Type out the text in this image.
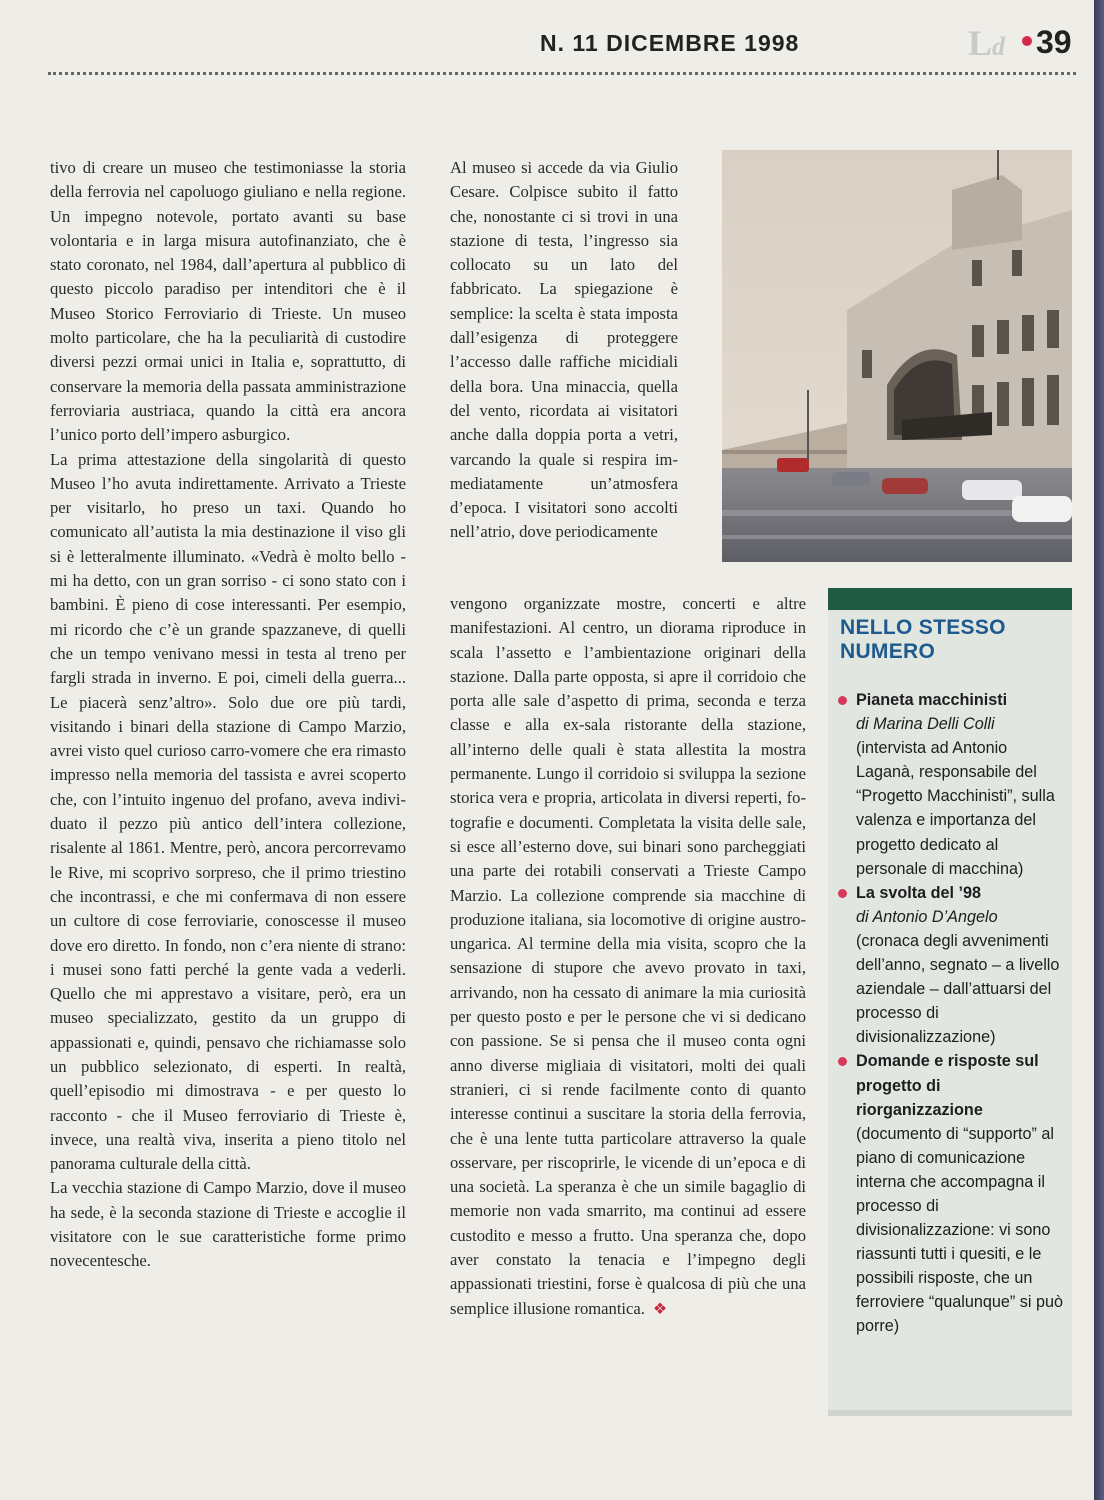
N. 11 DICEMBRE 1998	Ld 39

tivo di creare un museo che testimoniasse la storia della ferrovia nel capoluogo giuliano e nella regione. Un impegno notevole, portato avanti su base volontaria e in larga misura autofinanziato, che è stato coronato, nel 1984, dall’apertura al pubblico di questo piccolo paradiso per intenditori che è il Museo Storico Ferroviario di Trieste. Un museo molto particolare, che ha la peculiarità di custodire diversi pezzi ormai unici in Italia e, soprattutto, di conservare la memoria della passata amministrazione ferroviaria austriaca, quando la città era ancora l’unico porto dell’impero asburgico.

La prima attestazione della singolarità di questo Museo l’ho avuta indirettamente. Arrivato a Trieste per visitarlo, ho preso un taxi. Quando ho comunicato all’autista la mia destinazione il viso gli si è letteralmente illuminato. «Vedrà è molto bello - mi ha detto, con un gran sorriso - ci sono stato con i bambini. È pieno di cose interessanti. Per esempio, mi ricordo che c’è un grande spazzaneve, di quelli che un tempo venivano messi in testa al treno per fargli strada in inverno. E poi, cimeli della guerra... Le piacerà senz’altro». Solo due ore più tardi, visitando i binari della stazione di Campo Marzio, avrei visto quel curioso carro-vomere che era rimasto impresso nella memoria del tassista e avrei scoperto che, con l’intuito ingenuo del profano, aveva individuato il pezzo più antico dell’intera collezione, risalente al 1861. Mentre, però, ancora percorrevamo le Rive, mi scoprivo sorpreso, che il primo triestino che incontrassi, e che mi confermava di non essere un cultore di cose ferroviarie, conoscesse il museo dove ero diretto. In fondo, non c’era niente di strano: i musei sono fatti perché la gente vada a vederli. Quello che mi apprestavo a visitare, però, era un museo specializzato, gestito da un gruppo di appassionati e, quindi, pensavo che richiamasse solo un pubblico selezionato, di esperti. In realtà, quell’episodio mi dimostrava - e per questo lo racconto - che il Museo ferroviario di Trieste è, invece, una realtà viva, inserita a pieno titolo nel panorama culturale della città.

La vecchia stazione di Campo Marzio, dove il museo ha sede, è la seconda stazione di Trieste e accoglie il visitatore con le sue caratteristiche forme primo novecentesche.

Al museo si accede da via Giulio Cesare. Colpisce subito il fatto che, nonostante ci si trovi in una stazione di testa, l’ingresso sia collocato su un lato del fabbricato. La spiegazione è semplice: la scelta è stata imposta dall’esigenza di proteggere l’accesso dalle raffiche micidiali della bora. Una minaccia, quella del vento, ricordata ai visitatori anche dalla doppia porta a vetri, varcando la quale si respira immediatamente un’atmosfera d’epoca. I visitatori sono accolti nell’atrio, dove periodicamente

vengono organizzate mostre, concerti e altre manifestazioni. Al centro, un diorama riproduce in scala l’assetto e l’ambientazione originari della stazione. Dalla parte opposta, si apre il corridoio che porta alle sale d’aspetto di prima, seconda e terza classe e alla ex-sala ristorante della stazione, all’interno delle quali è stata allestita la mostra permanente. Lungo il corridoio si sviluppa la sezione storica vera e propria, articolata in diversi reperti, fotografie e documenti. Completata la visita delle sale, si esce all’esterno dove, sui binari sono parcheggiati una parte dei rotabili conservati a Trieste Campo Marzio. La collezione comprende sia macchine di produzione italiana, sia locomotive di origine austro-ungarica. Al termine della mia visita, scopro che la sensazione di stupore che avevo provato in taxi, arrivando, non ha cessato di animare la mia curiosità per questo posto e per le persone che vi si dedicano con passione. Se si pensa che il museo conta ogni anno diverse migliaia di visitatori, molti dei quali stranieri, ci si rende facilmente conto di quanto interesse continui a suscitare la storia della ferrovia, che è una lente tutta particolare attraverso la quale osservare, per riscoprirle, le vicende di un’epoca e di una società. La speranza è che un simile bagaglio di memorie non vada smarrito, ma continui ad essere custodito e messo a frutto. Una speranza che, dopo aver constato la tenacia e l’impegno degli appassionati triestini, forse è qualcosa di più che una semplice illusione romantica. ❖

NELLO STESSO
NUMERO
Pianeta macchinisti
di Marina Delli Colli
(intervista ad Antonio Laganà, responsabile del “Progetto Macchinisti”, sulla valenza e importanza del progetto dedicato al personale di macchina)
La svolta del ’98
di Antonio D’Angelo
(cronaca degli avvenimenti dell’anno, segnato – a livello aziendale – dall’attuarsi del processo di divisionalizzazione)
Domande e risposte sul progetto di riorganizzazione
(documento di “supporto” al piano di comunicazione interna che accompagna il processo di divisionalizzazione: vi sono riassunti tutti i quesiti, e le possibili risposte, che un ferroviere “qualunque” si può porre)
